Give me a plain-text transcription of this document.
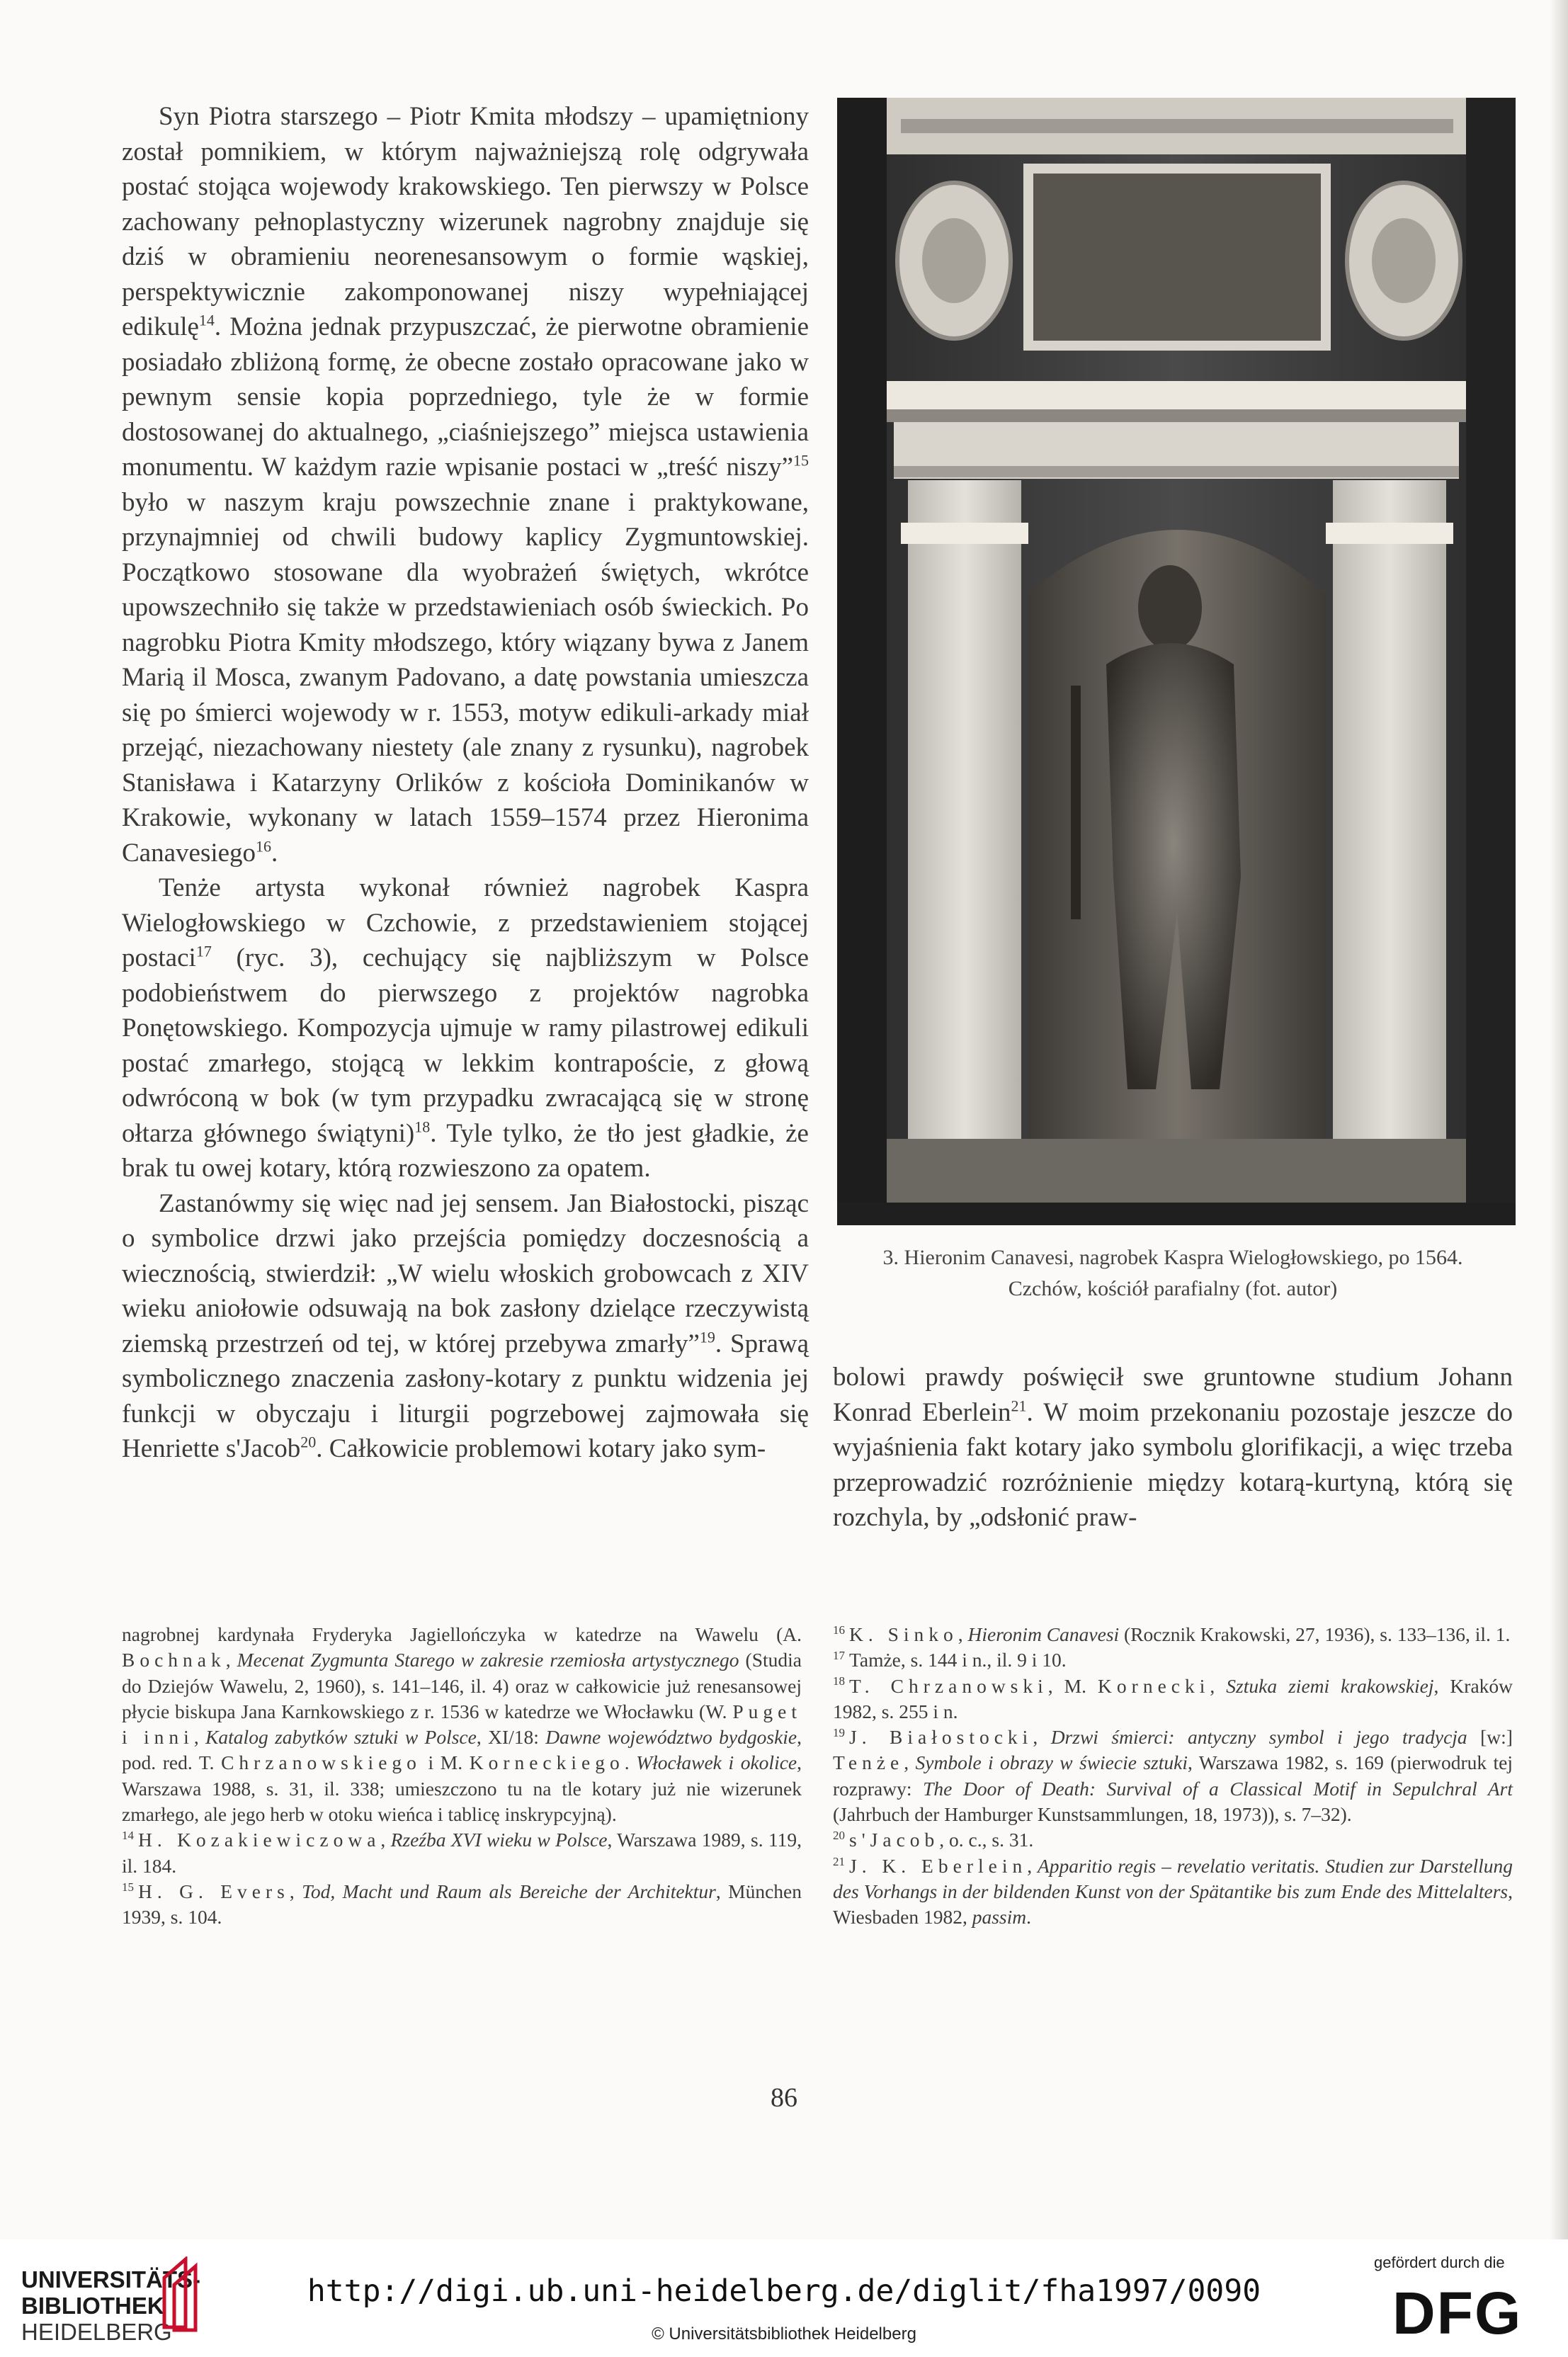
Syn Piotra starszego – Piotr Kmita młodszy – upamiętniony został pomnikiem, w którym najważniejszą rolę odgrywała postać stojąca wojewody krakowskiego. Ten pierwszy w Polsce zachowany pełnoplastyczny wizerunek nagrobny znajduje się dziś w obramieniu neorenesansowym o formie wąskiej, perspektywicznie zakomponowanej niszy wypełniającej edikulę$^{14}$. Można jednak przypuszczać, że pierwotne obramienie posiadało zbliżoną formę, że obecne zostało opracowane jako w pewnym sensie kopia poprzedniego, tyle że w formie dostosowanej do aktualnego, „ciaśniejszego” miejsca ustawienia monumentu. W każdym razie wpisanie postaci w „treść niszy”$^{15}$ było w naszym kraju powszechnie znane i praktykowane, przynajmniej od chwili budowy kaplicy Zygmuntowskiej. Początkowo stosowane dla wyobrażeń świętych, wkrótce upowszechniło się także w przedstawieniach osób świeckich. Po nagrobku Piotra Kmity młodszego, który wiązany bywa z Janem Marią il Mosca, zwanym Padovano, a datę powstania umieszcza się po śmierci wojewody w r. 1553, motyw edikuli-arkady miał przejąć, niezachowany niestety (ale znany z rysunku), nagrobek Stanisława i Katarzyny Orlików z kościoła Dominikanów w Krakowie, wykonany w latach 1559–1574 przez Hieronima Canavesiego$^{16}$.

Tenże artysta wykonał również nagrobek Kaspra Wielogłowskiego w Czchowie, z przedstawieniem stojącej postaci$^{17}$ (ryc. 3), cechujący się najbliższym w Polsce podobieństwem do pierwszego z projektów nagrobka Ponętowskiego. Kompozycja ujmuje w ramy pilastrowej edikuli postać zmarłego, stojącą w lekkim kontrapoście, z głową odwróconą w bok (w tym przypadku zwracającą się w stronę ołtarza głównego świątyni)$^{18}$. Tyle tylko, że tło jest gładkie, że brak tu owej kotary, którą rozwieszono za opatem.

Zastanówmy się więc nad jej sensem. Jan Białostocki, pisząc o symbolice drzwi jako przejścia pomiędzy doczesnością a wiecznością, stwierdził: „W wielu włoskich grobowcach z XIV wieku aniołowie odsuwają na bok zasłony dzielące rzeczywistą ziemską przestrzeń od tej, w której przebywa zmarły”$^{19}$. Sprawą symbolicznego znaczenia zasłony-kotary z punktu widzenia jej funkcji w obyczaju i liturgii pogrzebowej zajmowała się Henriette s'Jacob$^{20}$. Całkowicie problemowi kotary jako sym-

3. Hieronim Canavesi, nagrobek Kaspra Wielogłowskiego, po 1564.
Czchów, kościół parafialny (fot. autor)

bolowi prawdy poświęcił swe gruntowne studium Johann Konrad Eberlein$^{21}$. W moim przekonaniu pozostaje jeszcze do wyjaśnienia fakt kotary jako symbolu glorifikacji, a więc trzeba przeprowadzić rozróżnienie między kotarą-kurtyną, którą się rozchyla, by „odsłonić praw-

nagrobnej kardynała Fryderyka Jagiellończyka w katedrze na Wawelu (A. Bochnak, Mecenat Zygmunta Starego w zakresie rzemiosła artystycznego (Studia do Dziejów Wawelu, 2, 1960), s. 141–146, il. 4) oraz w całkowicie już renesansowej płycie biskupa Jana Karnkowskiego z r. 1536 w katedrze we Włocławku (W. Puget i inni, Katalog zabytków sztuki w Polsce, XI/18: Dawne województwo bydgoskie, pod. red. T. Chrzanowskiego i M. Korneckiego. Włocławek i okolice, Warszawa 1988, s. 31, il. 338; umieszczono tu na tle kotary już nie wizerunek zmarłego, ale jego herb w otoku wieńca i tablicę inskrypcyjną).

$^{14}$ H. Kozakiewiczowa, Rzeźba XVI wieku w Polsce, Warszawa 1989, s. 119, il. 184.

$^{15}$ H. G. Evers, Tod, Macht und Raum als Bereiche der Architektur, München 1939, s. 104.

$^{16}$ K. Sinko, Hieronim Canavesi (Rocznik Krakowski, 27, 1936), s. 133–136, il. 1.

$^{17}$ Tamże, s. 144 i n., il. 9 i 10.

$^{18}$ T. Chrzanowski, M. Kornecki, Sztuka ziemi krakowskiej, Kraków 1982, s. 255 i n.

$^{19}$ J. Białostocki, Drzwi śmierci: antyczny symbol i jego tradycja [w:] Tenże, Symbole i obrazy w świecie sztuki, Warszawa 1982, s. 169 (pierwodruk tej rozprawy: The Door of Death: Survival of a Classical Motif in Sepulchral Art (Jahrbuch der Hamburger Kunstsammlungen, 18, 1973)), s. 7–32).

$^{20}$ s'Jacob, o. c., s. 31.

$^{21}$ J. K. Eberlein, Apparitio regis – revelatio veritatis. Studien zur Darstellung des Vorhangs in der bildenden Kunst von der Spätantike bis zum Ende des Mittelalters, Wiesbaden 1982, passim.

86
UNIVERSITÄTS-
BIBLIOTHEK
HEIDELBERG
http://digi.ub.uni-heidelberg.de/diglit/fha1997/0090
© Universitätsbibliothek Heidelberg
gefördert durch die
DFG
